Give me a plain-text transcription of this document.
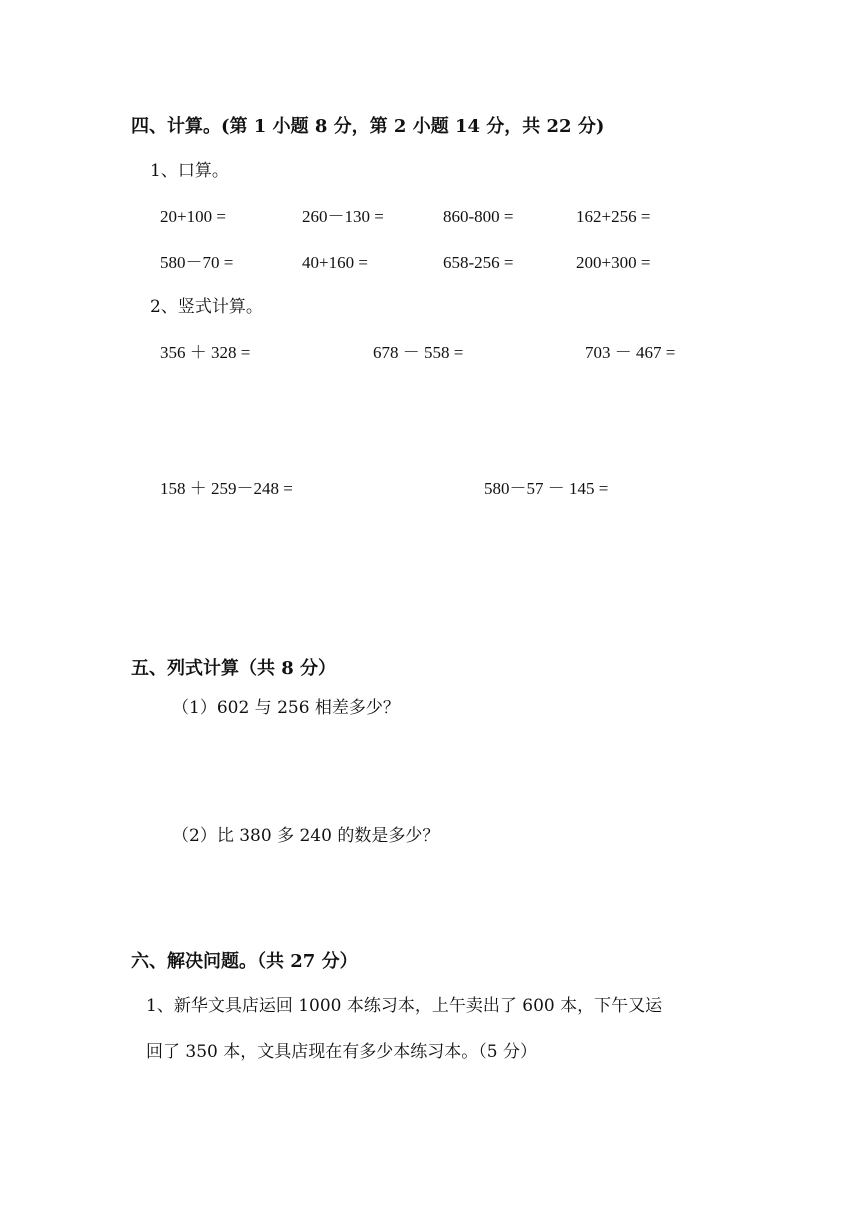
四、计算。(第 1 小题 8 分，第 2 小题 14 分，共 22 分)
1、口算。
20+100 =	260－130 =	860-800 =	162+256 =
580－70 =	40+160 =	658-256 =	200+300 =
2、竖式计算。
356 ＋ 328 =	678 － 558 =	703 － 467 =
158 ＋ 259－248 =	580－57 － 145 =
五、列式计算（共 8 分）
（1）602 与 256 相差多少？
（2）比 380 多 240 的数是多少？
六、解决问题。（共 27 分）
1、新华文具店运回 1000 本练习本，上午卖出了 600 本，下午又运
回了 350 本，文具店现在有多少本练习本。（5 分）
